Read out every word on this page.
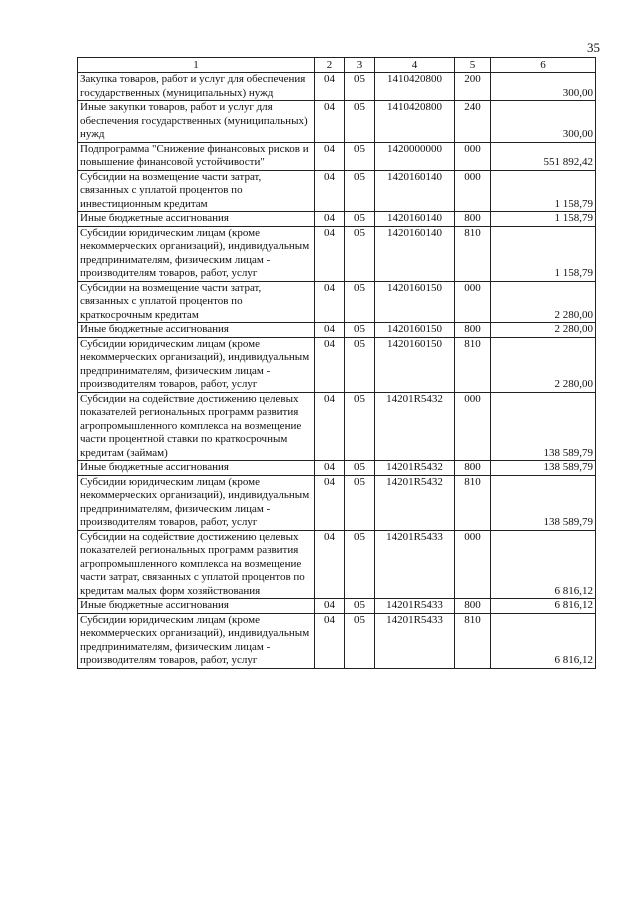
35
1	2	3	4	5	6
Закупка товаров, работ и услуг для обеспечения государственных (муниципальных) нужд	04	05	1410420800	200	300,00
Иные закупки товаров, работ и услуг для обеспечения государственных (муниципальных) нужд	04	05	1410420800	240	300,00
Подпрограмма "Снижение финансовых рисков и повышение финансовой устойчивости"	04	05	1420000000	000	551 892,42
Субсидии на возмещение части затрат, связанных с уплатой процентов по инвестиционным кредитам	04	05	1420160140	000	1 158,79
Иные бюджетные ассигнования	04	05	1420160140	800	1 158,79
Субсидии юридическим лицам (кроме некоммерческих организаций), индивидуальным предпринимателям, физическим лицам - производителям товаров, работ, услуг	04	05	1420160140	810	1 158,79
Субсидии на возмещение части затрат, связанных с уплатой процентов по краткосрочным кредитам	04	05	1420160150	000	2 280,00
Иные бюджетные ассигнования	04	05	1420160150	800	2 280,00
Субсидии юридическим лицам (кроме некоммерческих организаций), индивидуальным предпринимателям, физическим лицам - производителям товаров, работ, услуг	04	05	1420160150	810	2 280,00
Субсидии на содействие достижению целевых показателей региональных программ развития агропромышленного комплекса на возмещение части процентной ставки по краткосрочным кредитам (займам)	04	05	14201R5432	000	138 589,79
Иные бюджетные ассигнования	04	05	14201R5432	800	138 589,79
Субсидии юридическим лицам (кроме некоммерческих организаций), индивидуальным предпринимателям, физическим лицам - производителям товаров, работ, услуг	04	05	14201R5432	810	138 589,79
Субсидии на содействие достижению целевых показателей региональных программ развития агропромышленного комплекса на возмещение части затрат, связанных с уплатой процентов по кредитам малых форм хозяйствования	04	05	14201R5433	000	6 816,12
Иные бюджетные ассигнования	04	05	14201R5433	800	6 816,12
Субсидии юридическим лицам (кроме некоммерческих организаций), индивидуальным предпринимателям, физическим лицам - производителям товаров, работ, услуг	04	05	14201R5433	810	6 816,12
